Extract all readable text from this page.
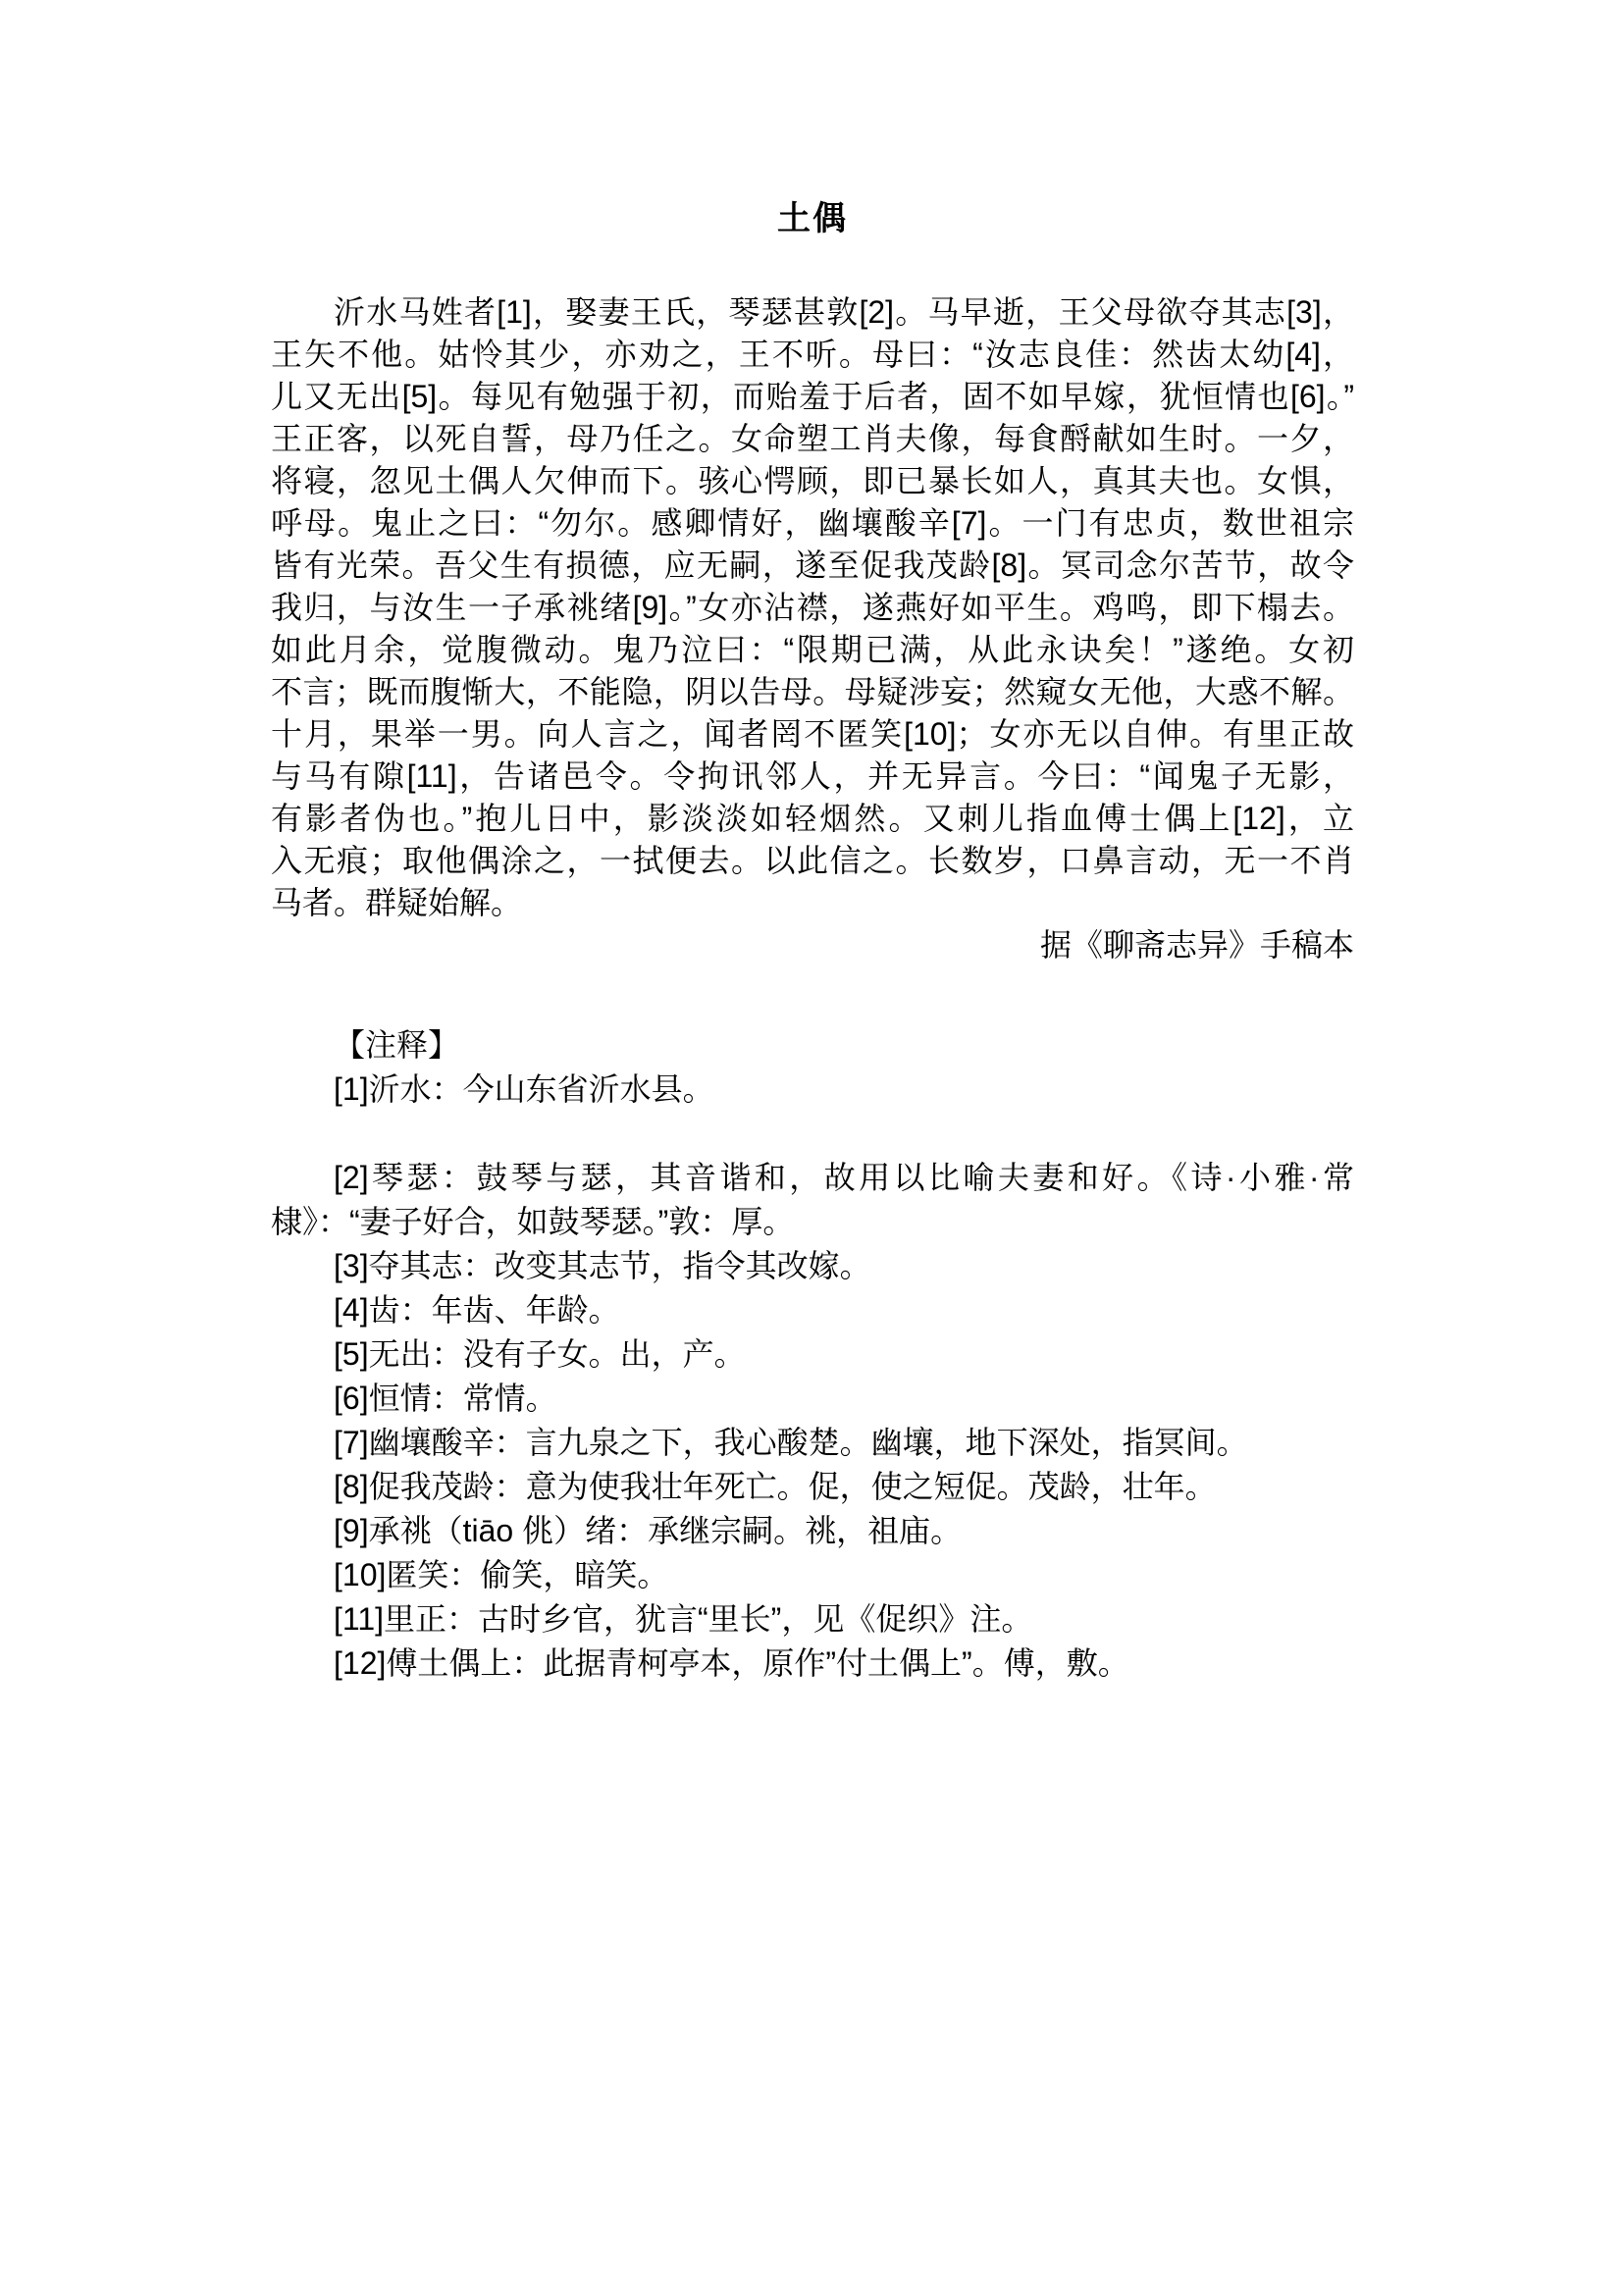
土偶
沂水马姓者[1]，娶妻王氏，琴瑟甚敦[2]。马早逝，王父母欲夺其志[3]，
王矢不他。姑怜其少，亦劝之，王不听。母曰：“汝志良佳：然齿太幼[4]，
儿又无出[5]。每见有勉强于初，而贻羞于后者，固不如早嫁，犹恒情也[6]。”
王正客，以死自誓，母乃任之。女命塑工肖夫像，每食酹献如生时。一夕，
将寝，忽见土偶人欠伸而下。骇心愕顾，即已暴长如人，真其夫也。女惧，
呼母。鬼止之曰：“勿尔。感卿情好，幽壤酸辛[7]。一门有忠贞，数世祖宗
皆有光荣。吾父生有损德，应无嗣，遂至促我茂龄[8]。冥司念尔苦节，故令
我归，与汝生一子承祧绪[9]。”女亦沾襟，遂燕好如平生。鸡鸣，即下榻去。
如此月余，觉腹微动。鬼乃泣曰：“限期已满，从此永诀矣！”遂绝。女初
不言；既而腹惭大，不能隐，阴以告母。母疑涉妄；然窥女无他，大惑不解。
十月，果举一男。向人言之，闻者罔不匿笑[10]；女亦无以自伸。有里正故
与马有隙[11]，告诸邑令。令拘讯邻人，并无异言。今曰：“闻鬼子无影，
有影者伪也。”抱儿日中，影淡淡如轻烟然。又刺儿指血傅士偶上[12]，立
入无痕；取他偶涂之，一拭便去。以此信之。长数岁，口鼻言动，无一不肖
马者。群疑始解。
据《聊斋志异》手稿本
【注释】
[1]沂水：今山东省沂水县。
[2]琴瑟：鼓琴与瑟，其音谐和，故用以比喻夫妻和好。《诗·小雅·常
棣》：“妻子好合，如鼓琴瑟。”敦：厚。
[3]夺其志：改变其志节，指令其改嫁。
[4]齿：年齿、年龄。
[5]无出：没有子女。出，产。
[6]恒情：常情。
[7]幽壤酸辛：言九泉之下，我心酸楚。幽壤，地下深处，指冥间。
[8]促我茂龄：意为使我壮年死亡。促，使之短促。茂龄，壮年。
[9]承祧（tiāo 佻）绪：承继宗嗣。祧，祖庙。
[10]匿笑：偷笑，暗笑。
[11]里正：古时乡官，犹言“里长”，见《促织》注。
[12]傅土偶上：此据青柯亭本，原作”付土偶上”。傅，敷。
